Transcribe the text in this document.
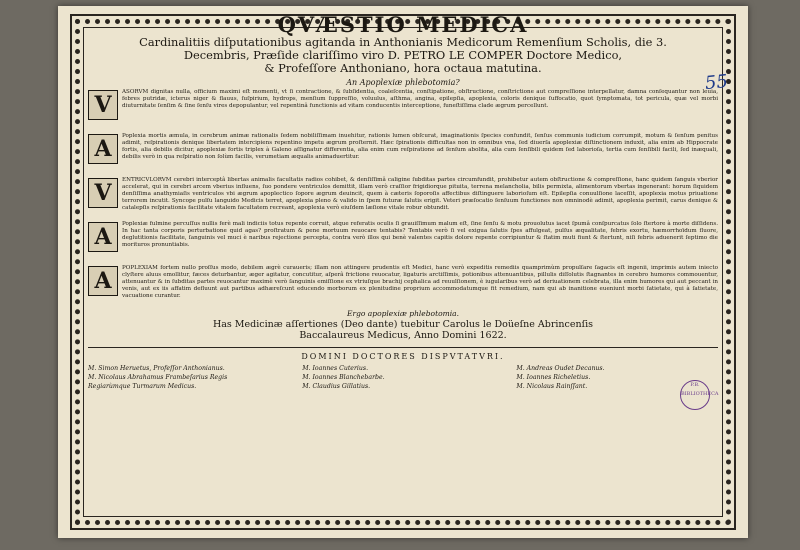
QVÆSTIO MEDICA

Cardinalitiis diſputationibus agitanda in Anthonianis Medicorum Remenſium Scholis, die 3.

Decembris, Præſide clariſſimo viro D. PETRO LE COMPER Doctore Medico,

& Profeſſore Anthoniano, hora octaua matutina.

55

An Apoplexiæ phlebotomia?

V	ASORVM dignitas nulla, officium maximi eſt momenti, vt ſi contractione, & ſubſidentia, coaleſcentia, conſtipatione, obſtructione, conſtrictione aut compreſſione interpellatur, damna conſequantur non leuia, febres putridæ, icterus niger & flauus, ſuſpirium, hydrops, menſium ſuppreſſio, voluulus, aſthma, angina, epilepſia, apoplexia, coloris denique ſuffocatio, quot ſymptomata, tot pericula, quæ vel morbi diuturnitate ſenſim & ſine ſenſu vires depopulantur, vel repentinâ functionis ad vitam conducentis interceptione, funeſtiſſima clade ægrum percellunt.
A	Poplexia mortis æmula, in cerebrum animæ rationalis ſedem nobiliſſimam inuehitur, rationis lumen obſcurat, imaginationis ſpecies confundit, ſenſus communis iudicium corrumpit, motum & ſenſum penitus adimit, reſpirationis denique libertatem intercipiens repentino impetu ægrum proſternit. Hæc ſpirationis difficultas non in omnibus vna, ſed diuerſa apoplexiæ diſtinctionem induxit, alia enim ab Hippocrate fortis, alia debilis dicitur, apoplexiæ fortis triplex à Galeno aſſignatur differentia, alia enim cum reſpiratione ad ſenſum abolita, alia cum ſenſibili quidem ſed laborioſa, tertia cum ſenſibili facili, ſed inæquali, debilis verò in qua reſpiratio non ſolùm facilis, verumetiam æqualis animaduertitur.
V	ENTRICVLORVM cerebri interceptâ libertas animalis facultatis radios cohibet, & denſiſſimâ caligine ſubditas partes circumfundit, prohibetur autem obſtructione & compreſſione, hanc quidem ſanguis vberior accelerat, qui in cerebri arcem vberius influens, ſuo pondere ventriculos demittit, illam verò craſſior frigidiorque pituita, terrena melancholia, bilis permixta, alimentorum vbertas ingenerant: horum ſiquidem denſiſſima anathymiaſis ventriculos vbi ægrum apoplectico ſopore ægrum deuincit, quem à cæteris ſoporoſis affectibus diſtinguere laborioſum eſt. Epilepſia conuulſione laceſſit, apoplexia motus priuatione terrorem incutit. Syncope pulſu languido Medicis terret, apoplexia pleno & valido in ſpem futuræ ſalutis erigit. Veteri præſocatio ſenſuum functiones non omninodè adimit, apoplexia perimit, carus denique & catalepſis reſpirationis facilitate vitalem facultatem recreant, apoplexia verò eiuſdem læſione vitale robur obtundit.
A	Poplexiæ fulmine percuſſus nullis ferè mali indiciis totus repente corruit, atque referatis oculis ſi grauiſſimum malum eſt, ſine ſenſu & motu prouolutus iacet ſpumâ conſpurcatus ſolo ſtertore à morte diſſidens. In hac tanta corporis perturbatione quid agas? proſtratum & pene mortuum reuocare tentabis? Tentabis verò ſi vel exigua ſalutis ſpes affulgeat, pulſus æqualitate, febris exortu, hæmorrhoïdum fluore, deglutitionis facilitate, ſanguinis vel muci è naribus rejectione percepta, contra verò illos qui benè valentes capitis dolore repente corripiuntur & ſtatim muti fiunt & ſtertunt, niſi febris aduenerit ſeptimo die morituros pronuntiabis.
A	POPLEXIAM fortem nullo proſſus modo, debilem ægrè curaueris; illam non attingere prudentis eſt Medici, hanc verò expeditis remediis quamprimùm propulſare ſagacis eſt ingenii, imprimis autem iniecto clyſtere aluus emollitur, fæces deturbantur, æger agitatur, concutitur, aſperâ frictione reuocatur, ligaturis arctiſſimis, potionibus attenuantibus, pillulis diſſolutis ſtagnantes in cerebro humores commouentur, attenuantur & in ſubditas partes reuocantur maximè verò ſanguinis emiſſione ex vtriuſque brachij cephalica ad reuulſionem, è iugularibus verò ad deriuationem celebrata, illa enim humores qui aut peccant in venis, aut ex iis affatim defluunt aut partibus adhæreſcunt educendo morborum ex plenitudine proprium accommodatumque fit remedium, nam qui ab inanitione eueniunt morbi ſatietate, qui à ſatietate, vacuatione curantur.

Ergo apoplexiæ phlebotomia.

Has Medicinæ aſſertiones (Deo dante) tuebitur Carolus le Doüeſne Abrincenſis

Baccalaureus Medicus, Anno Domini 1622.

DOMINI DOCTORES DISPVTATVRI.

M. Simon Heruetus, Profeſſor Anthonianus.
M. Nicolaus Abrahamus Frambeſarius Regis
Regiarùmque Turmarum Medicus.
M. Ioannes Cuterius.
M. Ioannes Blanchebarbe.
M. Claudius Gillatius.
M. Andreas Oudet Decanus.
M. Ioannes Richeletius.
M. Nicolaus Rainſſant.	P.B.
BIBLIOTHECA
